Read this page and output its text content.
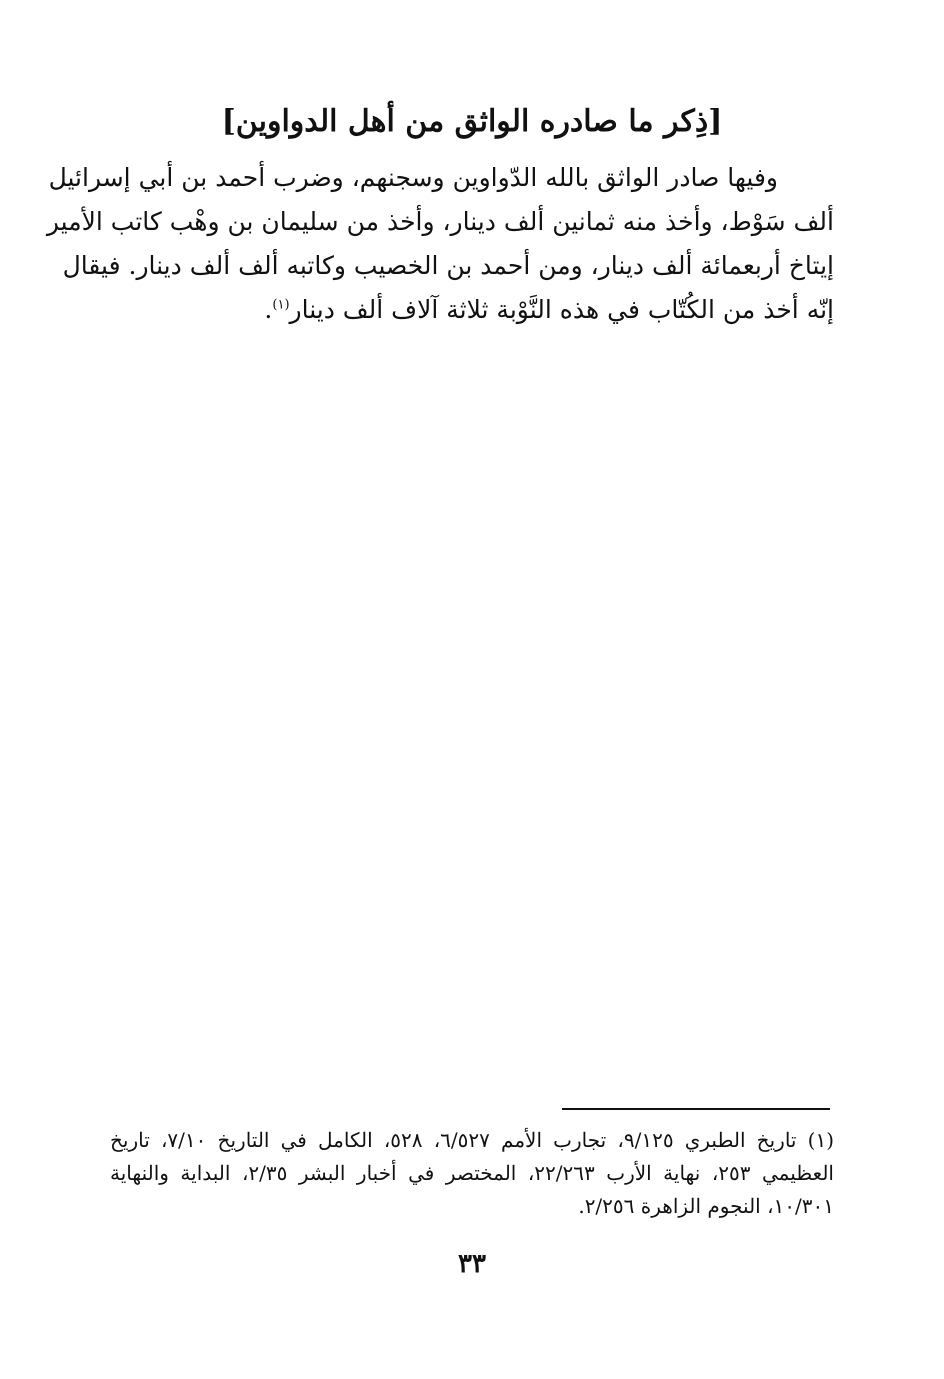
[ذِكر ما صادره الواثق من أهل الدواوين]
وفيها صادر الواثق بالله الدّواوين وسجنهم، وضرب أحمد بن أبي إسرائيل
ألف سَوْط، وأخذ منه ثمانين ألف دينار، وأخذ من سليمان بن وهْب كاتب الأمير
إيتاخ أربعمائة ألف دينار، ومن أحمد بن الخصيب وكاتبه ألف ألف دينار. فيقال
إنّه أخذ من الكُتّاب في هذه النَّوْبة ثلاثة آلاف ألف دينار$^{(١)}$.
(١) تاريخ الطبري ٩/١٢٥، تجارب الأمم ٦/٥٢٧، ٥٢٨، الكامل في التاريخ ٧/١٠، تاريخ
العظيمي ٢٥٣، نهاية الأرب ٢٢/٢٦٣، المختصر في أخبار البشر ٢/٣٥، البداية والنهاية
١٠/٣٠١، النجوم الزاهرة ٢/٢٥٦.
٣٣
